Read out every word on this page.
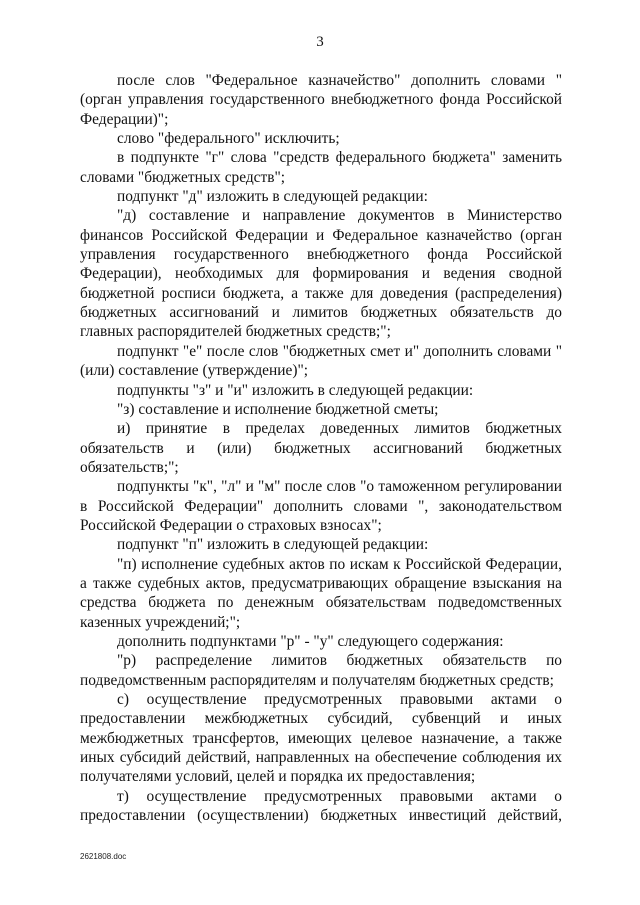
3

после слов "Федеральное казначейство" дополнить словами "(орган управления государственного внебюджетного фонда Российской Федерации)";

слово "федерального" исключить;

в подпункте "г" слова "средств федерального бюджета" заменить словами "бюджетных средств";

подпункт "д" изложить в следующей редакции:

"д) составление и направление документов в Министерство финансов Российской Федерации и Федеральное казначейство (орган управления государственного внебюджетного фонда Российской Федерации), необходимых для формирования и ведения сводной бюджетной росписи бюджета, а также для доведения (распределения) бюджетных ассигнований и лимитов бюджетных обязательств до главных распорядителей бюджетных средств;";

подпункт "е" после слов "бюджетных смет и" дополнить словами "(или) составление (утверждение)";

подпункты "з" и "и" изложить в следующей редакции:

"з) составление и исполнение бюджетной сметы;

и) принятие в пределах доведенных лимитов бюджетных обязательств и (или) бюджетных ассигнований бюджетных обязательств;";

подпункты "к", "л" и "м" после слов "о таможенном регулировании в Российской Федерации" дополнить словами ", законодательством Российской Федерации о страховых взносах";

подпункт "п" изложить в следующей редакции:

"п) исполнение судебных актов по искам к Российской Федерации, а также судебных актов, предусматривающих обращение взыскания на средства бюджета по денежным обязательствам подведомственных казенных учреждений;";

дополнить подпунктами "р" - "у" следующего содержания:

"р) распределение лимитов бюджетных обязательств по подведомственным распорядителям и получателям бюджетных средств;

с) осуществление предусмотренных правовыми актами о предоставлении межбюджетных субсидий, субвенций и иных межбюджетных трансфертов, имеющих целевое назначение, а также иных субсидий действий, направленных на обеспечение соблюдения их получателями условий, целей и порядка их предоставления;

т) осуществление предусмотренных правовыми актами о предоставлении (осуществлении) бюджетных инвестиций действий,

2621808.doc
